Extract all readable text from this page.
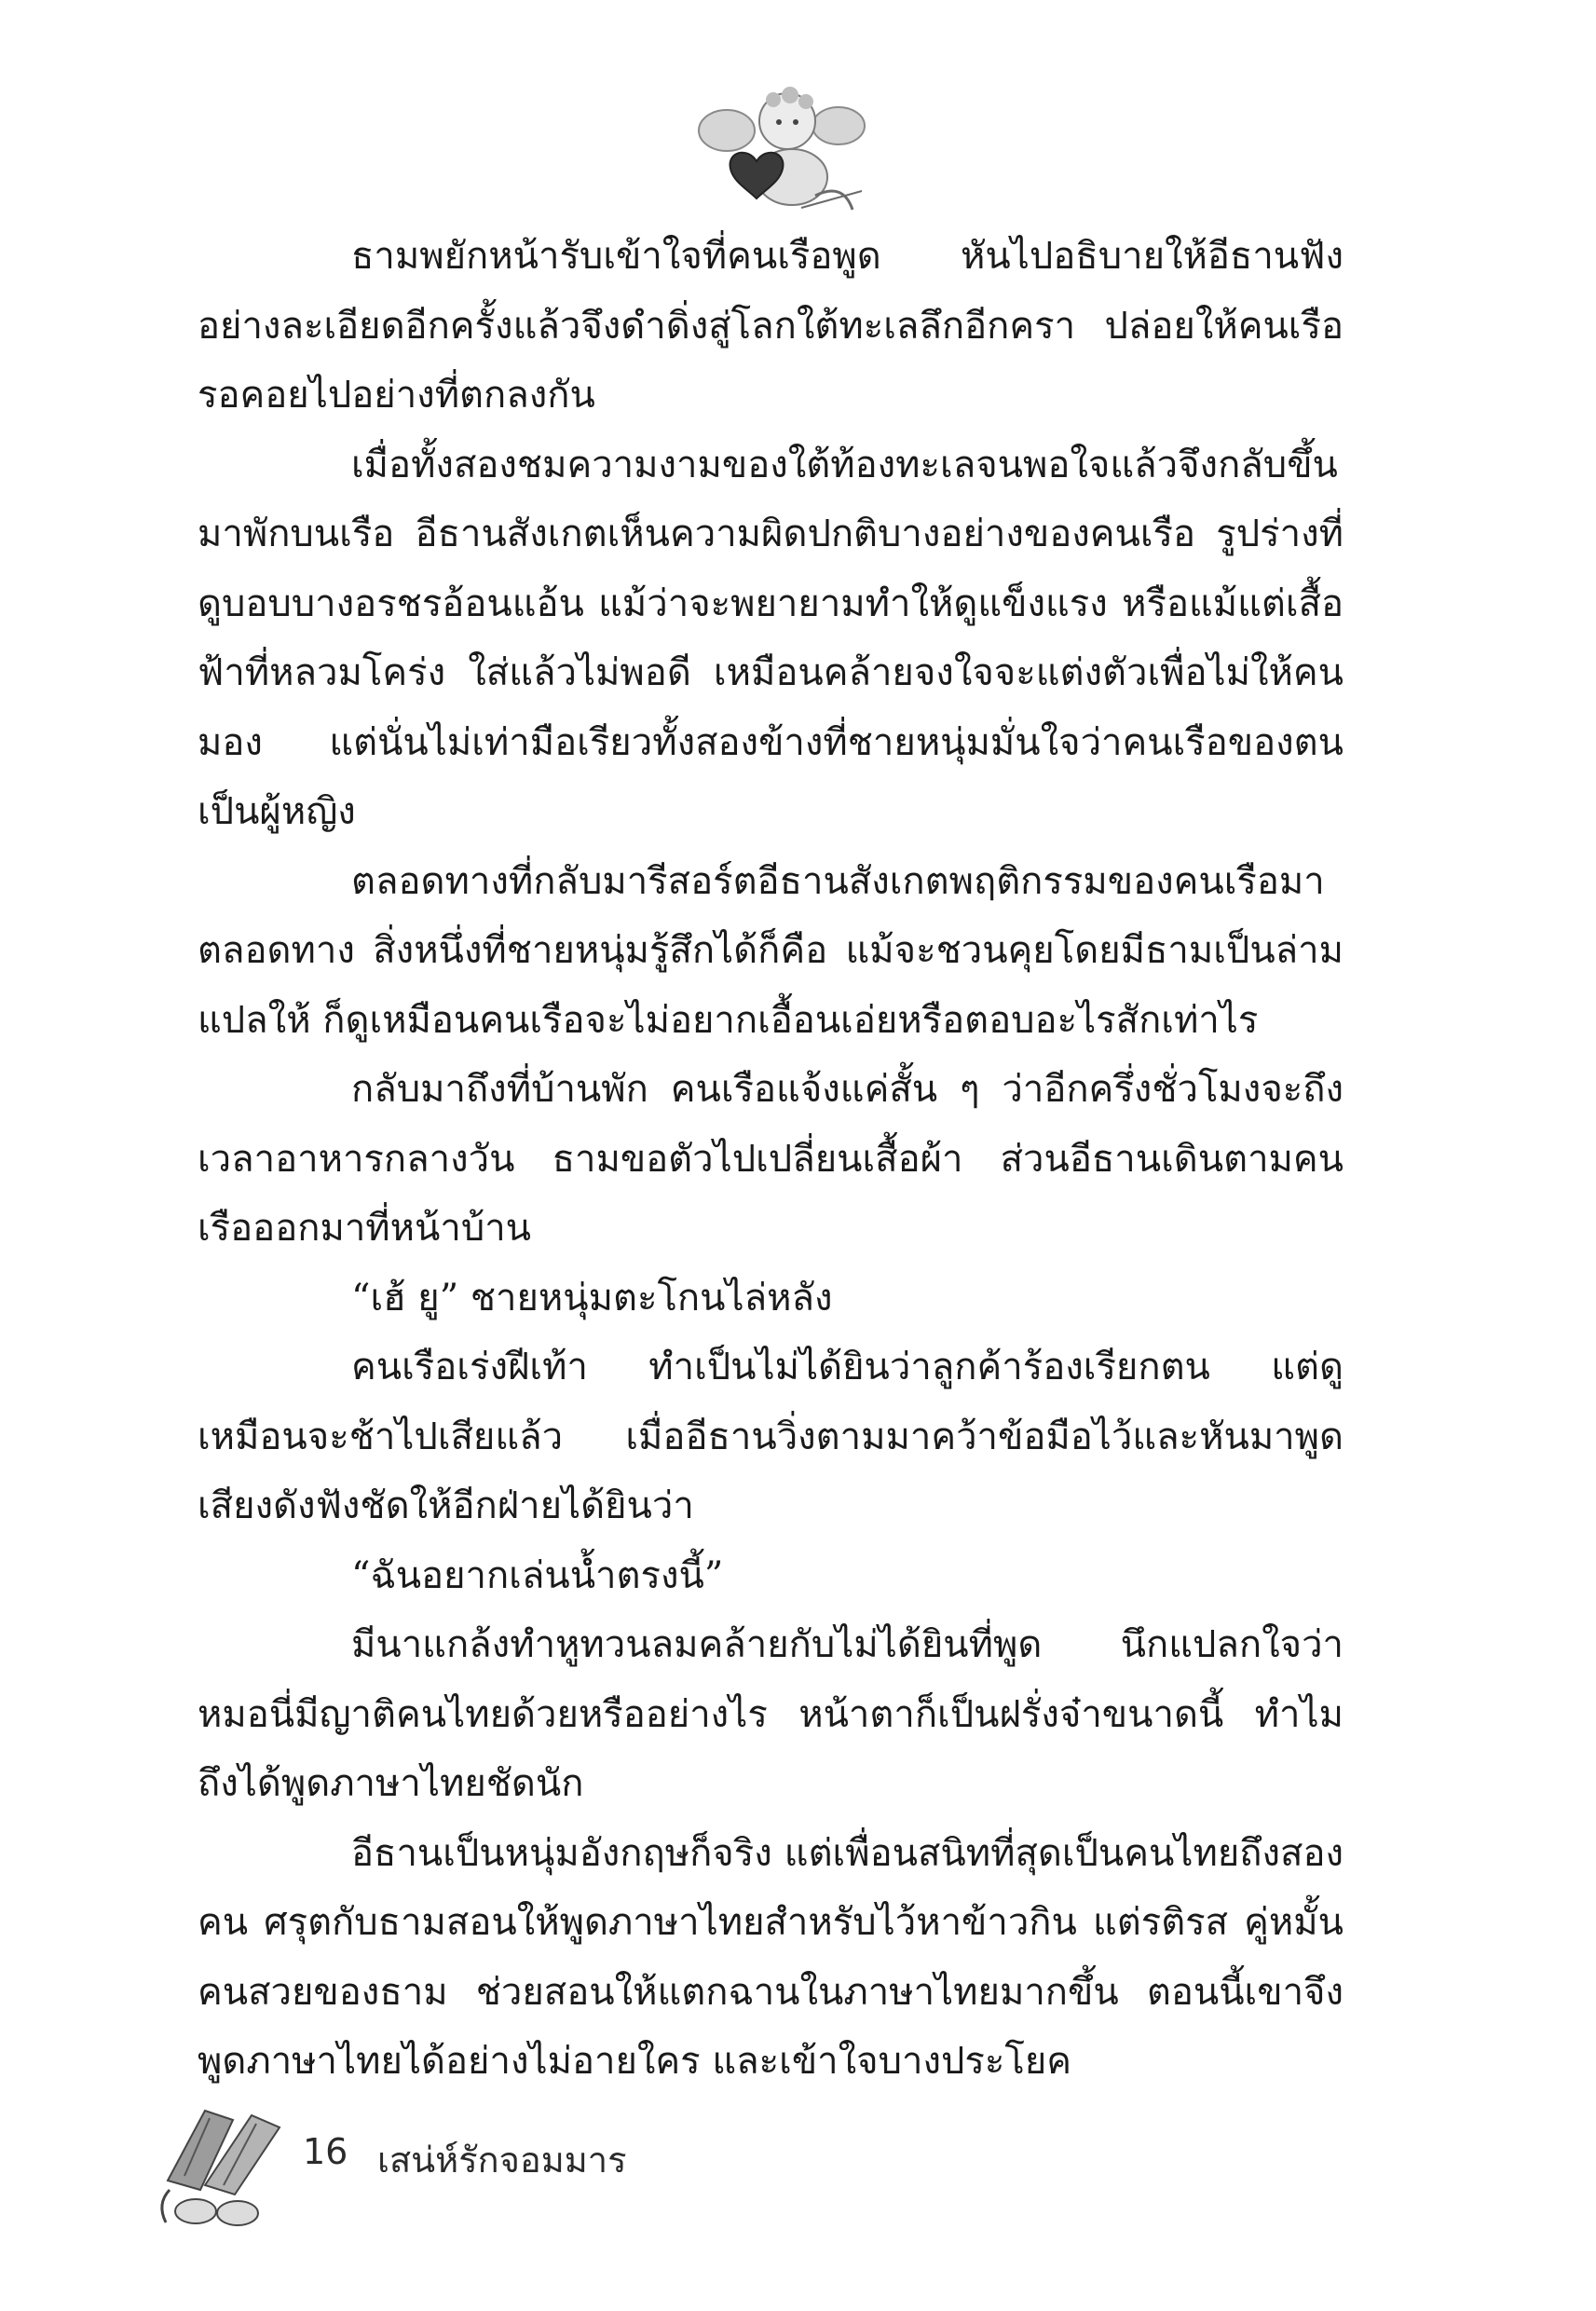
ธามพยักหน้ารับเข้าใจที่คนเรือพูด หันไปอธิบายให้อีธานฟังอย่างละเอียดอีกครั้งแล้วจึงดำดิ่งสู่โลกใต้ทะเลลึกอีกครา ปล่อยให้คนเรือรอคอยไปอย่างที่ตกลงกัน

เมื่อทั้งสองชมความงามของใต้ท้องทะเลจนพอใจแล้วจึงกลับขึ้นมาพักบนเรือ อีธานสังเกตเห็นความผิดปกติบางอย่างของคนเรือ รูปร่างที่ดูบอบบางอรชรอ้อนแอ้น แม้ว่าจะพยายามทำให้ดูแข็งแรง หรือแม้แต่เสื้อฟ้าที่หลวมโคร่ง ใส่แล้วไม่พอดี เหมือนคล้ายจงใจจะแต่งตัวเพื่อไม่ให้คนมอง แต่นั่นไม่เท่ามือเรียวทั้งสองข้างที่ชายหนุ่มมั่นใจว่าคนเรือของตนเป็นผู้หญิง

ตลอดทางที่กลับมารีสอร์ตอีธานสังเกตพฤติกรรมของคนเรือมาตลอดทาง สิ่งหนึ่งที่ชายหนุ่มรู้สึกได้ก็คือ แม้จะชวนคุยโดยมีธามเป็นล่ามแปลให้ ก็ดูเหมือนคนเรือจะไม่อยากเอื้อนเอ่ยหรือตอบอะไรสักเท่าไร

กลับมาถึงที่บ้านพัก คนเรือแจ้งแค่สั้น ๆ ว่าอีกครึ่งชั่วโมงจะถึงเวลาอาหารกลางวัน ธามขอตัวไปเปลี่ยนเสื้อผ้า ส่วนอีธานเดินตามคนเรือออกมาที่หน้าบ้าน

“เฮ้ ยู” ชายหนุ่มตะโกนไล่หลัง

คนเรือเร่งฝีเท้า ทำเป็นไม่ได้ยินว่าลูกค้าร้องเรียกตน แต่ดูเหมือนจะช้าไปเสียแล้ว เมื่ออีธานวิ่งตามมาคว้าข้อมือไว้และหันมาพูดเสียงดังฟังชัดให้อีกฝ่ายได้ยินว่า

“ฉันอยากเล่นน้ำตรงนี้”

มีนาแกล้งทำหูทวนลมคล้ายกับไม่ได้ยินที่พูด นึกแปลกใจว่าหมอนี่มีญาติคนไทยด้วยหรืออย่างไร หน้าตาก็เป็นฝรั่งจ๋าขนาดนี้ ทำไมถึงได้พูดภาษาไทยชัดนัก

อีธานเป็นหนุ่มอังกฤษก็จริง แต่เพื่อนสนิทที่สุดเป็นคนไทยถึงสองคน ศรุตกับธามสอนให้พูดภาษาไทยสำหรับไว้หาข้าวกิน แต่รติรส คู่หมั้นคนสวยของธาม ช่วยสอนให้แตกฉานในภาษาไทยมากขึ้น ตอนนี้เขาจึงพูดภาษาไทยได้อย่างไม่อายใคร และเข้าใจบางประโยค

16 เสน่ห์รักจอมมาร
